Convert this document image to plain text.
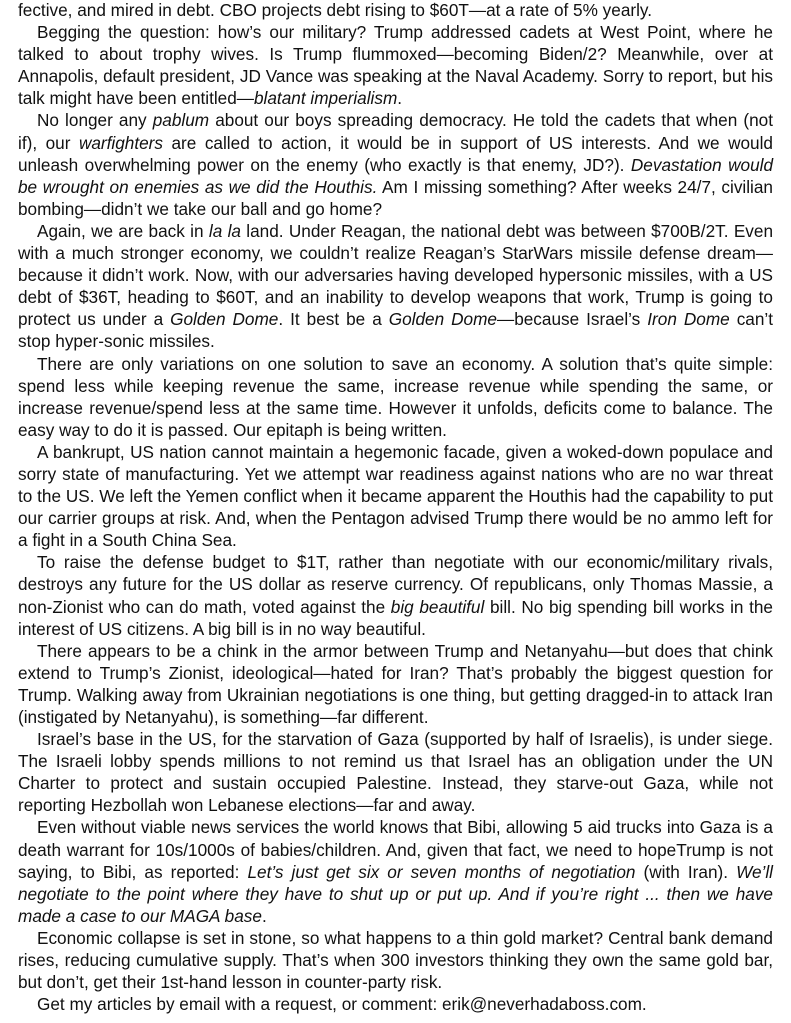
fective, and mired in debt. CBO projects debt rising to $60T—at a rate of 5% yearly.

Begging the question: how’s our military? Trump addressed cadets at West Point, where he talked to about trophy wives. Is Trump flummoxed—becoming Biden/2? Meanwhile, over at Annapolis, default president, JD Vance was speaking at the Naval Academy. Sorry to report, but his talk might have been entitled—blatant imperialism.

No longer any pablum about our boys spreading democracy. He told the cadets that when (not if), our warfighters are called to action, it would be in support of US interests. And we would unleash overwhelming power on the enemy (who exactly is that enemy, JD?). Devastation would be wrought on enemies as we did the Houthis. Am I missing something? After weeks 24/7, civilian bombing—didn’t we take our ball and go home?

Again, we are back in la la land. Under Reagan, the national debt was between $700B/2T. Even with a much stronger economy, we couldn’t realize Reagan’s StarWars missile defense dream—because it didn’t work. Now, with our adversaries having developed hypersonic missiles, with a US debt of $36T, heading to $60T, and an inability to develop weapons that work, Trump is going to protect us under a Golden Dome. It best be a Golden Dome—because Israel’s Iron Dome can’t stop hyper-sonic missiles.

There are only variations on one solution to save an economy. A solution that’s quite simple: spend less while keeping revenue the same, increase revenue while spending the same, or increase revenue/spend less at the same time. However it unfolds, deficits come to balance. The easy way to do it is passed. Our epitaph is being written.

A bankrupt, US nation cannot maintain a hegemonic facade, given a woked-down populace and sorry state of manufacturing. Yet we attempt war readiness against nations who are no war threat to the US. We left the Yemen conflict when it became apparent the Houthis had the capability to put our carrier groups at risk. And, when the Pentagon advised Trump there would be no ammo left for a fight in a South China Sea.

To raise the defense budget to $1T, rather than negotiate with our economic/military rivals, destroys any future for the US dollar as reserve currency. Of republicans, only Thomas Massie, a non-Zionist who can do math, voted against the big beautiful bill. No big spending bill works in the interest of US citizens. A big bill is in no way beautiful.

There appears to be a chink in the armor between Trump and Netanyahu—but does that chink extend to Trump’s Zionist, ideological—hated for Iran? That’s probably the biggest question for Trump. Walking away from Ukrainian negotiations is one thing, but getting dragged-in to attack Iran (instigated by Netanyahu), is something—far different.

Israel’s base in the US, for the starvation of Gaza (supported by half of Israelis), is under siege. The Israeli lobby spends millions to not remind us that Israel has an obligation under the UN Charter to protect and sustain occupied Palestine. Instead, they starve-out Gaza, while not reporting Hezbollah won Lebanese elections—far and away.

Even without viable news services the world knows that Bibi, allowing 5 aid trucks into Gaza is a death warrant for 10s/1000s of babies/children. And, given that fact, we need to hopeTrump is not saying, to Bibi, as reported: Let’s just get six or seven months of negotiation (with Iran). We’ll negotiate to the point where they have to shut up or put up. And if you’re right ... then we have made a case to our MAGA base.

Economic collapse is set in stone, so what happens to a thin gold market? Central bank demand rises, reducing cumulative supply. That’s when 300 investors thinking they own the same gold bar, but don’t, get their 1st-hand lesson in counter-party risk.

Get my articles by email with a request, or comment: erik@neverhadaboss.com.
